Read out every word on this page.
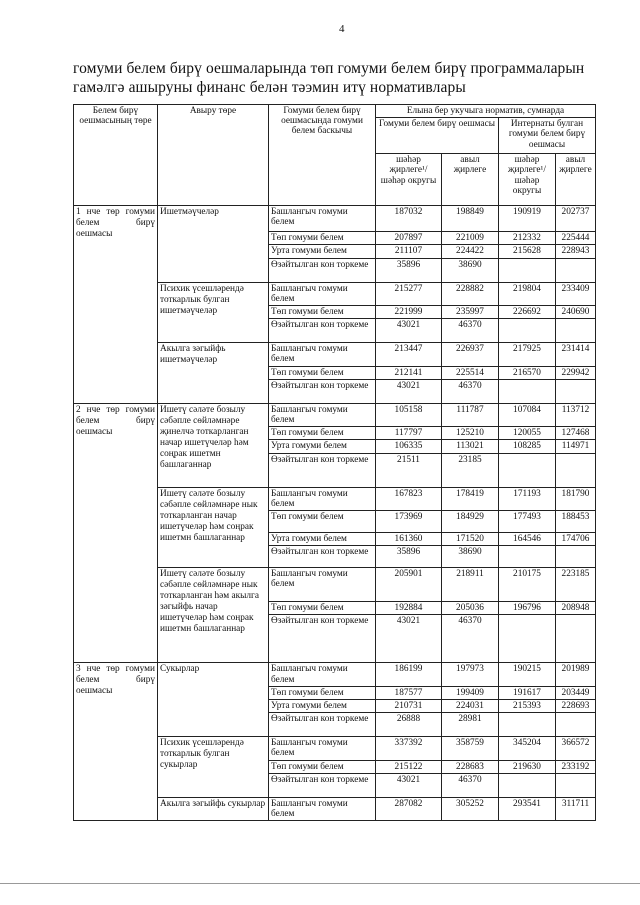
4
гомуми белем бирү оешмаларында төп гомуми белем бирү программаларын гамәлгә ашыруны финанс белән тәэмин итү нормативлары
Белем бирү оешмасының төре	Авыру төре	Гомуми белем бирү оешмасында гомуми белем баскычы	Елына бер укучыга норматив, сумнарда			
			Гомуми белем бирү оешмасы		Интернаты булган гомуми белем бирү оешмасы	
			шәһәр җирлеге¹/ шәһәр округы	авыл җирлеге	шәһәр җирлеге¹/ шәһәр округы	авыл җирлеге
1 нче төр гомуми белем бирү оешмасы	Ишетмәүчеләр	Башлангыч гомуми белем	187032	198849	190919	202737
		Төп гомуми белем	207897	221009	212332	225444
		Урта гомуми белем	211107	224422	215628	228943
		Өзәйтылган кон торкеме	35896	38690		
	Психик үсешләрендә тоткарлык булган ишетмәүчеләр	Башлангыч гомуми белем	215277	228882	219804	233409
		Төп гомуми белем	221999	235997	226692	240690
		Өзәйтылган кон торкеме	43021	46370		
	Акылга зәгыйфь ишетмәүчеләр	Башлангыч гомуми белем	213447	226937	217925	231414
		Төп гомуми белем	212141	225514	216570	229942
		Өзәйтылган кон торкеме	43021	46370		
2 нче төр гомуми белем бирү оешмасы	Ишетү сәләте бозылу сәбәпле сөйләмнәре җинелчә тоткарланган начар ишетүчеләр һәм соңрак ишетмн башлаганнар	Башлангыч гомуми белем	105158	111787	107084	113712
		Төп гомуми белем	117797	125210	120055	127468
		Урта гомуми белем	106335	113021	108285	114971
		Өзәйтылган кон торкеме	21511	23185		
	Ишетү сәләте бозылу сәбәпле сөйләмнәре нык тоткарланган начар ишетүчеләр һәм соңрак ишетмн башлаганнар	Башлангыч гомуми белем	167823	178419	171193	181790
		Төп гомуми белем	173969	184929	177493	188453
		Урта гомуми белем	161360	171520	164546	174706
		Өзәйтылган кон торкеме	35896	38690		
	Ишетү сәләте бозылу сәбәпле сөйләмнәре нык тоткарланган һәм акылга зәгыйфь начар ишетүчеләр һәм соңрак ишетмн башлаганнар	Башлангыч гомуми белем	205901	218911	210175	223185
		Төп гомуми белем	192884	205036	196796	208948
		Өзәйтылган кон торкеме	43021	46370		
3 нче төр гомуми белем бирү оешмасы	Сукырлар	Башлангыч гомуми белем	186199	197973	190215	201989
		Төп гомуми белем	187577	199409	191617	203449
		Урта гомуми белем	210731	224031	215393	228693
		Өзәйтылган кон торкеме	26888	28981		
	Психик үсешләрендә тоткарлык булган сукырлар	Башлангыч гомуми белем	337392	358759	345204	366572
		Төп гомуми белем	215122	228683	219630	233192
		Өзәйтылган кон торкеме	43021	46370		
	Акылга зәгыйфь сукырлар	Башлангыч гомуми белем	287082	305252	293541	311711
